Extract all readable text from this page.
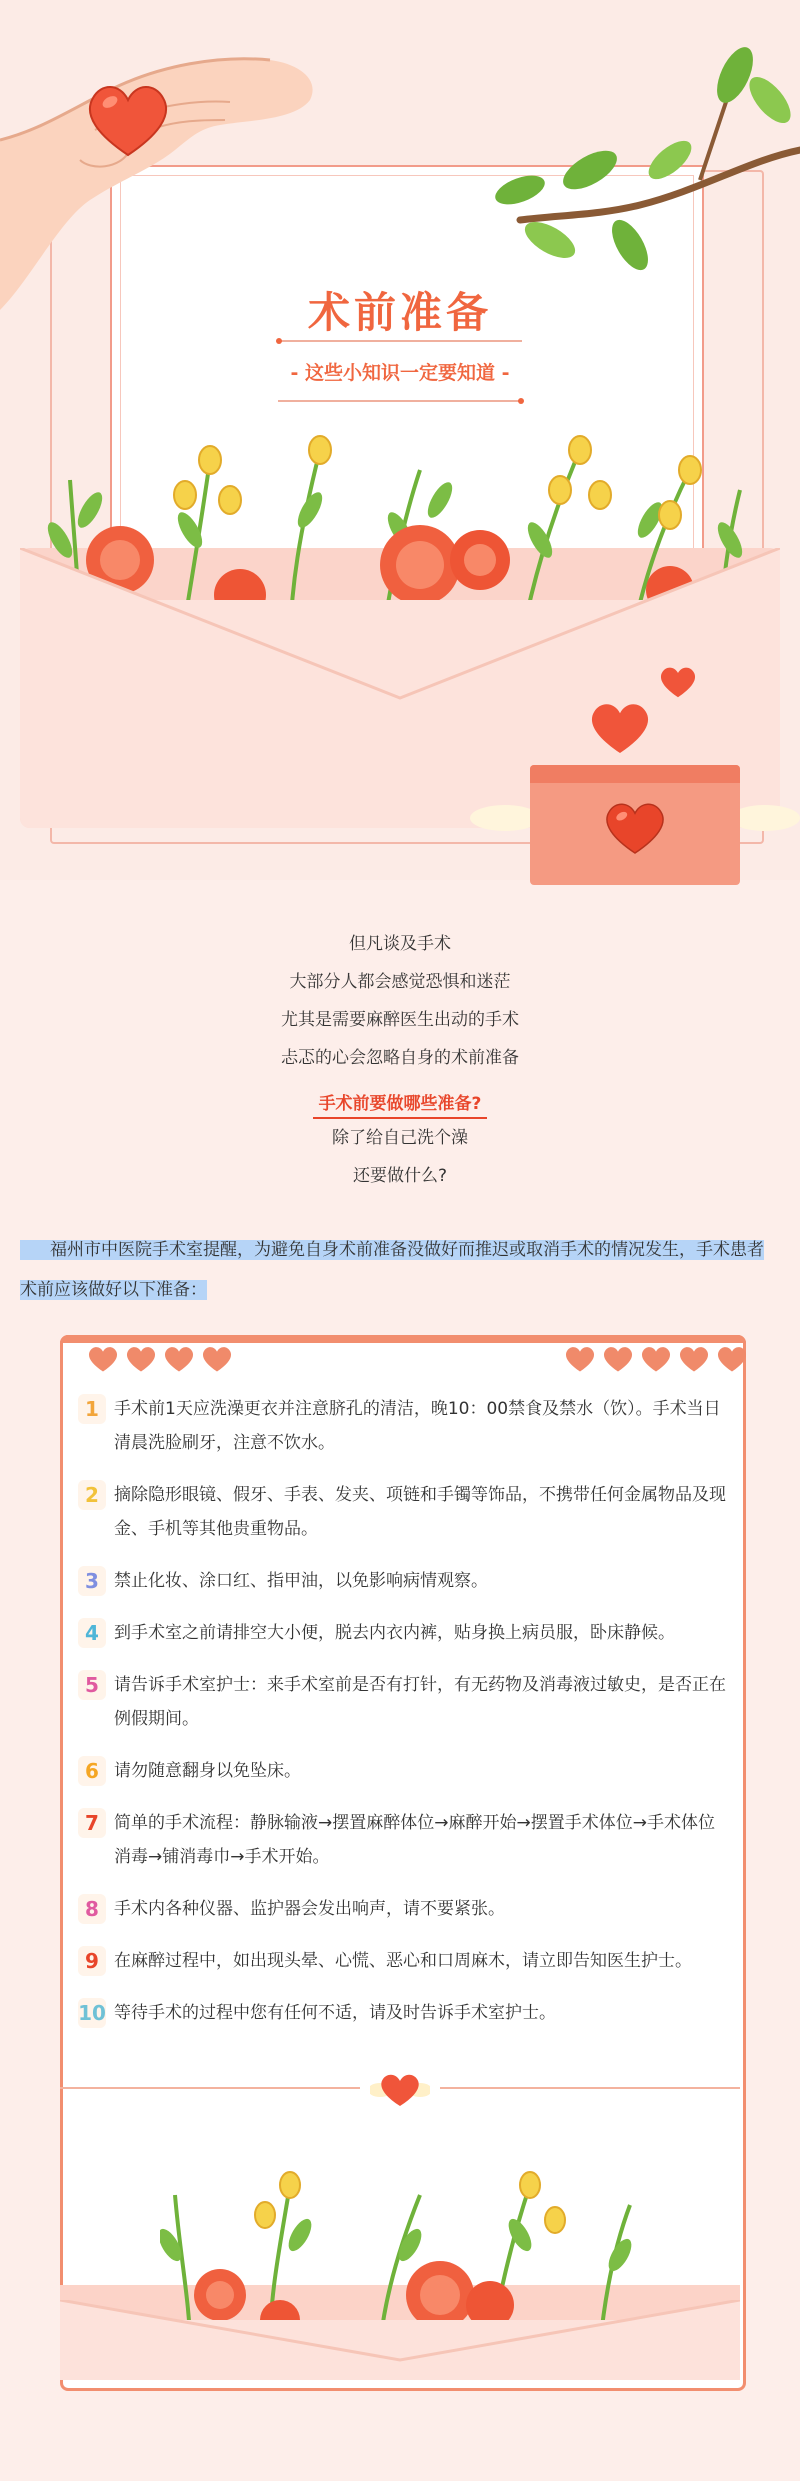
术前准备
- 这些小知识一定要知道 -

但凡谈及手术

大部分人都会感觉恐惧和迷茫

尤其是需要麻醉医生出动的手术

忐忑的心会忽略自身的术前准备

手术前要做哪些准备?

除了给自己洗个澡

还要做什么?

福州市中医院手术室提醒，为避免自身术前准备没做好而推迟或取消手术的情况发生，手术患者术前应该做好以下准备：
1 手术前1天应洗澡更衣并注意脐孔的清洁，晚10：00禁食及禁水（饮）。手术当日清晨洗脸刷牙，注意不饮水。
2 摘除隐形眼镜、假牙、手表、发夹、项链和手镯等饰品，不携带任何金属物品及现金、手机等其他贵重物品。
3 禁止化妆、涂口红、指甲油，以免影响病情观察。
4 到手术室之前请排空大小便，脱去内衣内裤，贴身换上病员服，卧床静候。
5 请告诉手术室护士：来手术室前是否有打针，有无药物及消毒液过敏史，是否正在例假期间。
6 请勿随意翻身以免坠床。
7 简单的手术流程：静脉输液→摆置麻醉体位→麻醉开始→摆置手术体位→手术体位消毒→铺消毒巾→手术开始。
8 手术内各种仪器、监护器会发出响声，请不要紧张。
9 在麻醉过程中，如出现头晕、心慌、恶心和口周麻木，请立即告知医生护士。
10 等待手术的过程中您有任何不适，请及时告诉手术室护士。
